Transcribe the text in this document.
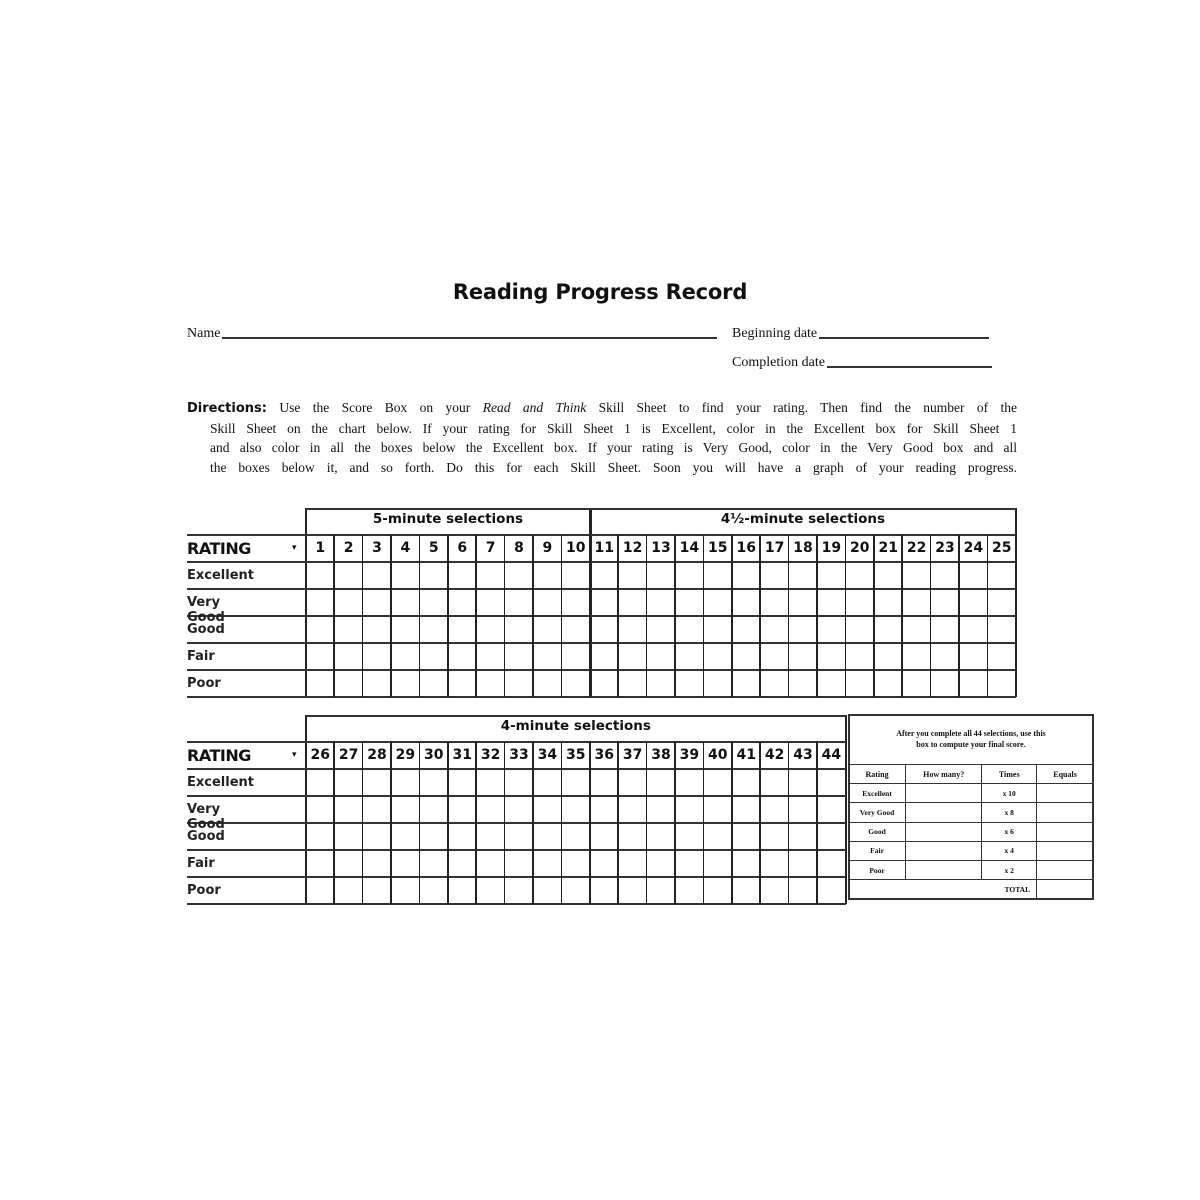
Reading Progress Record
Name	Beginning date
Completion date
Directions: Use the Score Box on your Read and Think Skill Sheet to find your rating. Then find the number of the
Skill Sheet on the chart below. If your rating for Skill Sheet 1 is Excellent, color in the Excellent box for Skill Sheet 1
and also color in all the boxes below the Excellent box. If your rating is Very Good, color in the Very Good box and all
the boxes below it, and so forth. Do this for each Skill Sheet. Soon you will have a graph of your reading progress.
5-minute selections	4½-minute selections
RATING	▾	1	2	3	4	5	6	7	8	9 10 11 12 13 14 15 16 17 18 19 20 21 22 23 24 25
Excellent
Very Good
Good
Fair
Poor
4-minute selections
RATING	▾ 26 27 28 29 30 31 32 33 34 35 36 37 38 39 40 41 42 43 44
Excellent
Very Good
Good
Fair
Poor
After you complete all 44 selections, use this
box to compute your final score.
Rating	How many?	Times	Equals
Excellent		x 10	
Very Good		x 8	
Good		x 6	
Fair		x 4	
Poor		x 2	
TOTAL			
